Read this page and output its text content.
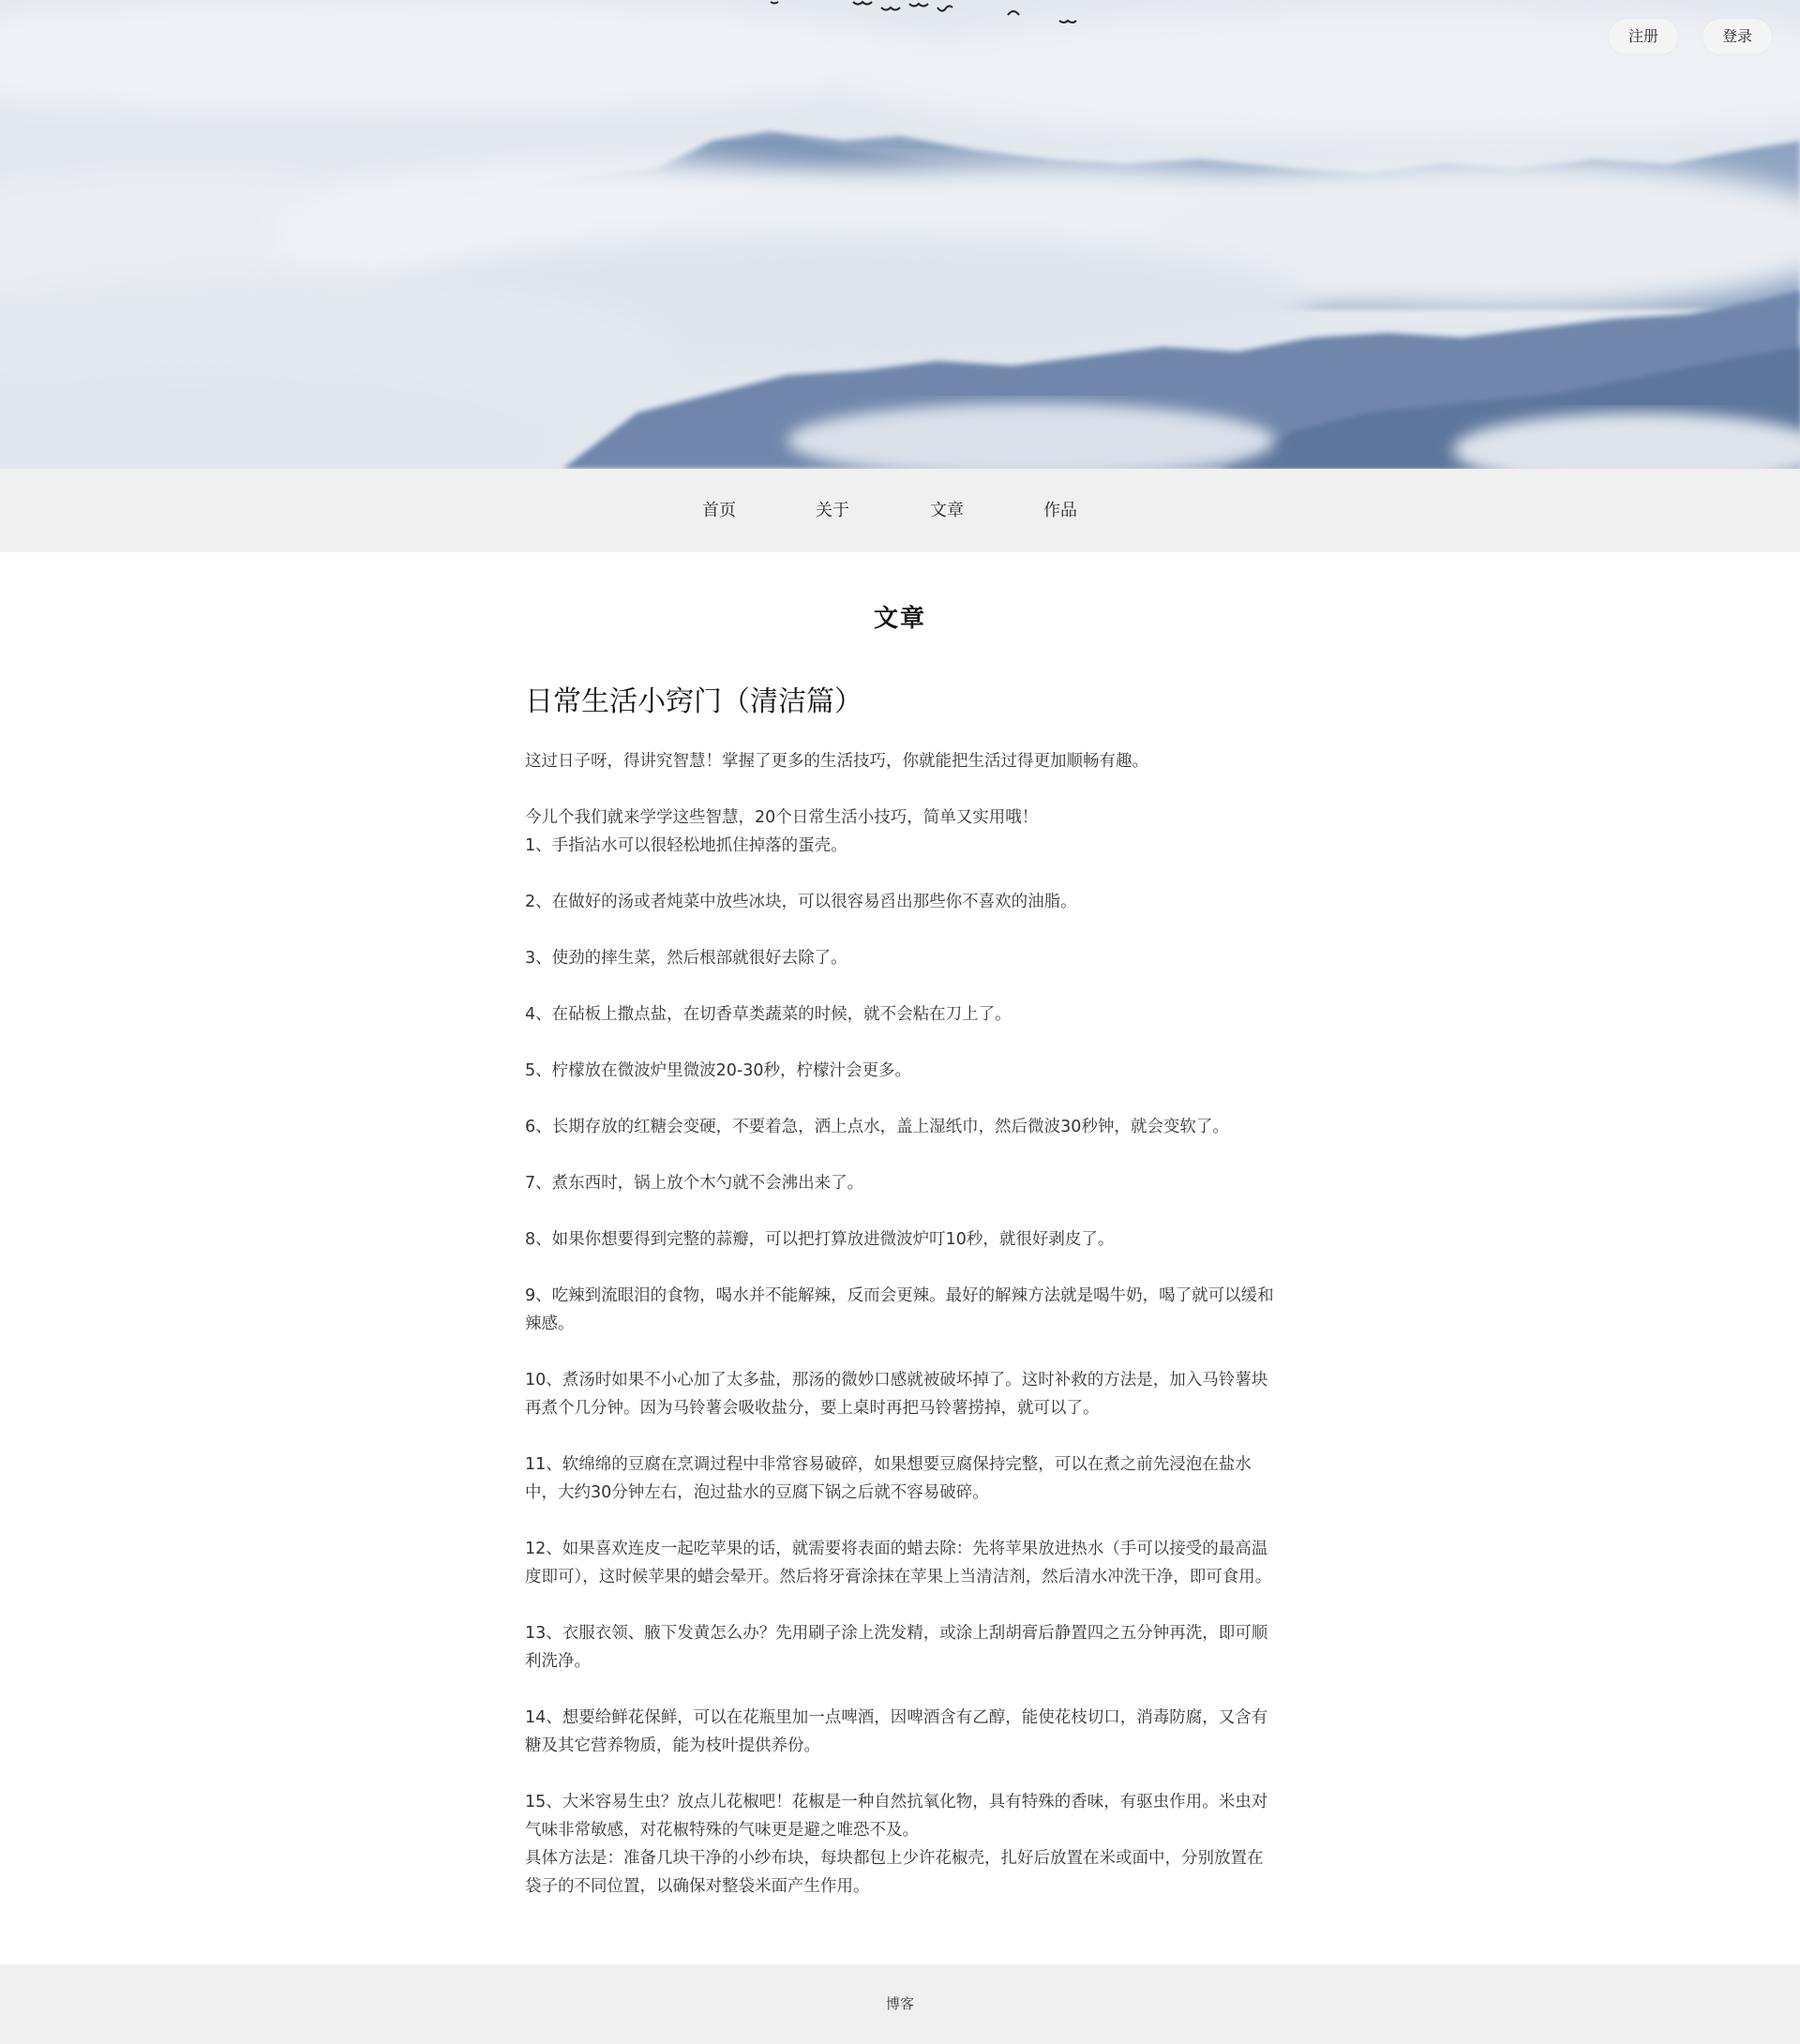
注册	登录
首页	关于	文章	作品
文章
日常生活小窍门（清洁篇）

这过日子呀，得讲究智慧！掌握了更多的生活技巧，你就能把生活过得更加顺畅有趣。

今儿个我们就来学学这些智慧，20个日常生活小技巧，简单又实用哦！
1、手指沾水可以很轻松地抓住掉落的蛋壳。

2、在做好的汤或者炖菜中放些冰块，可以很容易舀出那些你不喜欢的油脂。

3、使劲的摔生菜，然后根部就很好去除了。

4、在砧板上撒点盐，在切香草类蔬菜的时候，就不会粘在刀上了。

5、柠檬放在微波炉里微波20-30秒，柠檬汁会更多。

6、长期存放的红糖会变硬，不要着急，洒上点水，盖上湿纸巾，然后微波30秒钟，就会变软了。

7、煮东西时，锅上放个木勺就不会沸出来了。

8、如果你想要得到完整的蒜瓣，可以把打算放进微波炉叮10秒，就很好剥皮了。

9、吃辣到流眼泪的食物，喝水并不能解辣，反而会更辣。最好的解辣方法就是喝牛奶，喝了就可以缓和辣感。

10、煮汤时如果不小心加了太多盐，那汤的微妙口感就被破坏掉了。这时补救的方法是，加入马铃薯块再煮个几分钟。因为马铃薯会吸收盐分，要上桌时再把马铃薯捞掉，就可以了。

11、软绵绵的豆腐在烹调过程中非常容易破碎，如果想要豆腐保持完整，可以在煮之前先浸泡在盐水中，大约30分钟左右，泡过盐水的豆腐下锅之后就不容易破碎。

12、如果喜欢连皮一起吃苹果的话，就需要将表面的蜡去除：先将苹果放进热水（手可以接受的最高温度即可），这时候苹果的蜡会晕开。然后将牙膏涂抹在苹果上当清洁剂，然后清水冲洗干净，即可食用。

13、衣服衣领、腋下发黄怎么办？先用刷子涂上洗发精，或涂上刮胡膏后静置四之五分钟再洗，即可顺利洗净。

14、想要给鲜花保鲜，可以在花瓶里加一点啤酒，因啤酒含有乙醇，能使花枝切口，消毒防腐，又含有糖及其它营养物质，能为枝叶提供养份。

15、大米容易生虫？放点儿花椒吧！花椒是一种自然抗氧化物，具有特殊的香味，有驱虫作用。米虫对气味非常敏感，对花椒特殊的气味更是避之唯恐不及。
具体方法是：准备几块干净的小纱布块，每块都包上少许花椒壳，扎好后放置在米或面中，分别放置在袋子的不同位置，以确保对整袋米面产生作用。

博客
